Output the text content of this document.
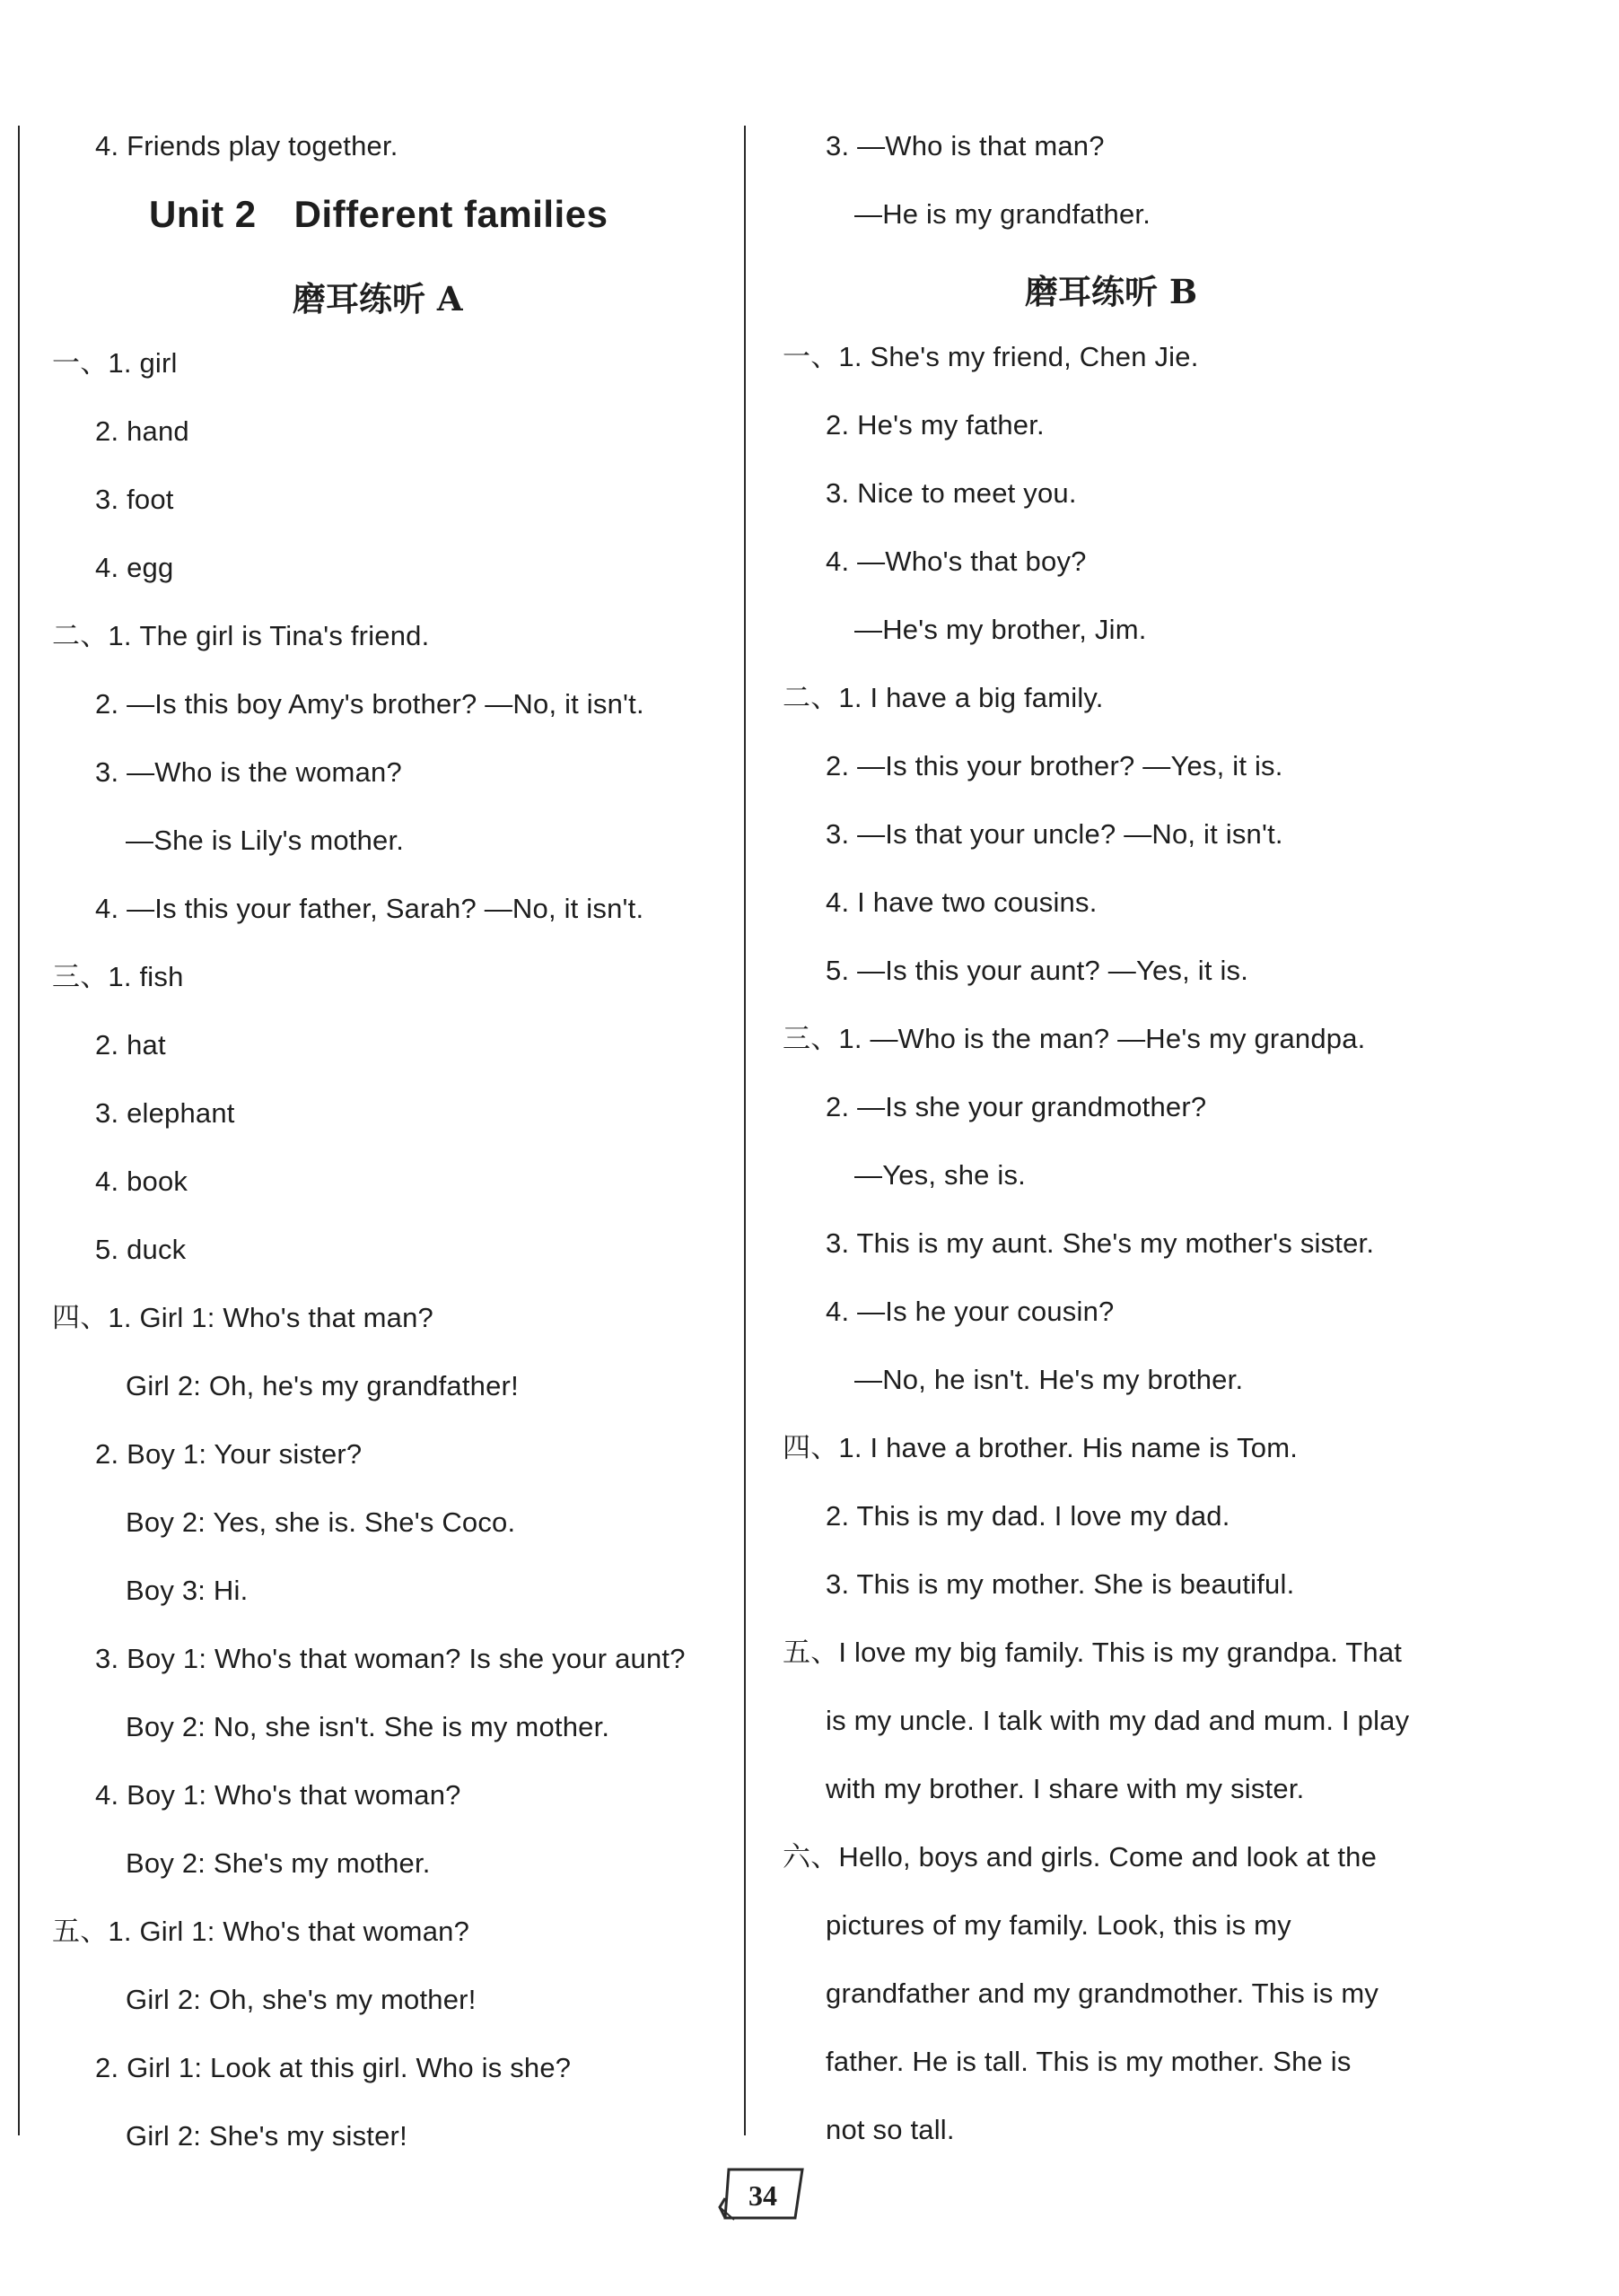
4. Friends play together.
Unit 2 Different families
磨耳练听 A
一、1. girl
2. hand
3. foot
4. egg
二、1. The girl is Tina's friend.
2. —Is this boy Amy's brother? —No, it isn't.
3. —Who is the woman?
—She is Lily's mother.
4. —Is this your father, Sarah? —No, it isn't.
三、1. fish
2. hat
3. elephant
4. book
5. duck
四、1. Girl 1: Who's that man?
Girl 2: Oh, he's my grandfather!
2. Boy 1: Your sister?
Boy 2: Yes, she is. She's Coco.
Boy 3: Hi.
3. Boy 1: Who's that woman? Is she your aunt?
Boy 2: No, she isn't. She is my mother.
4. Boy 1: Who's that woman?
Boy 2: She's my mother.
五、1. Girl 1: Who's that woman?
Girl 2: Oh, she's my mother!
2. Girl 1: Look at this girl. Who is she?
Girl 2: She's my sister!
3. —Who is that man?
—He is my grandfather.
磨耳练听 B
一、1. She's my friend, Chen Jie.
2. He's my father.
3. Nice to meet you.
4. —Who's that boy?
—He's my brother, Jim.
二、1. I have a big family.
2. —Is this your brother? —Yes, it is.
3. —Is that your uncle? —No, it isn't.
4. I have two cousins.
5. —Is this your aunt? —Yes, it is.
三、1. —Who is the man? —He's my grandpa.
2. —Is she your grandmother?
—Yes, she is.
3. This is my aunt. She's my mother's sister.
4. —Is he your cousin?
—No, he isn't. He's my brother.
四、1. I have a brother. His name is Tom.
2. This is my dad. I love my dad.
3. This is my mother. She is beautiful.
五、I love my big family. This is my grandpa. That
is my uncle. I talk with my dad and mum. I play
with my brother. I share with my sister.
六、Hello, boys and girls. Come and look at the
pictures of my family. Look, this is my
grandfather and my grandmother. This is my
father. He is tall. This is my mother. She is
not so tall.
34
